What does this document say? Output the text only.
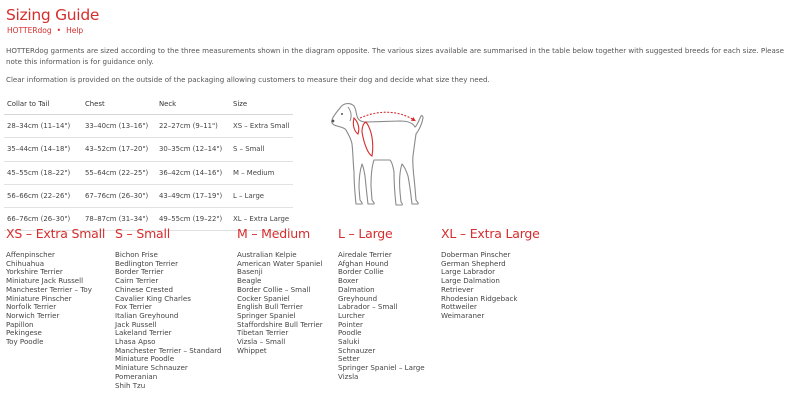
Sizing Guide
HOTTERdog • Help

HOTTERdog garments are sized according to the three measurements shown in the diagram opposite. The various sizes available are summarised in the table below together with suggested breeds for each size. Please note this information is for guidance only.

Clear information is provided on the outside of the packaging allowing customers to measure their dog and decide what size they need.

Collar to Tail	Chest	Neck	Size
28–34cm (11–14")	33–40cm (13–16")	22–27cm (9–11")	XS – Extra Small
35–44cm (14–18")	43–52cm (17–20")	30–35cm (12–14")	S – Small
45–55cm (18–22")	55–64cm (22–25")	36–42cm (14–16")	M – Medium
56–66cm (22–26")	67–76cm (26–30")	43–49cm (17–19")	L – Large
66–76cm (26–30")	78–87cm (31–34")	49–55cm (19–22")	XL – Extra Large
XS – Extra Small
Affenpinscher
Chihuahua
Yorkshire Terrier
Miniature Jack Russell
Manchester Terrier – Toy
Miniature Pinscher
Norfolk Terrier
Norwich Terrier
Papillon
Pekingese
Toy Poodle
S – Small
Bichon Frise
Bedlington Terrier
Border Terrier
Cairn Terrier
Chinese Crested
Cavalier King Charles
Fox Terrier
Italian Greyhound
Jack Russell
Lakeland Terrier
Lhasa Apso
Manchester Terrier – Standard
Miniature Poodle
Miniature Schnauzer
Pomeranian
Shih Tzu
M – Medium
Australian Kelpie
American Water Spaniel
Basenji
Beagle
Border Collie – Small
Cocker Spaniel
English Bull Terrier
Springer Spaniel
Staffordshire Bull Terrier
Tibetan Terrier
Vizsla – Small
Whippet
L – Large
Airedale Terrier
Afghan Hound
Border Collie
Boxer
Dalmation
Greyhound
Labrador – Small
Lurcher
Pointer
Poodle
Saluki
Schnauzer
Setter
Springer Spaniel – Large
Vizsla
XL – Extra Large
Doberman Pinscher
German Shepherd
Large Labrador
Large Dalmation
Retriever
Rhodesian Ridgeback
Rottweiler
Weimaraner
